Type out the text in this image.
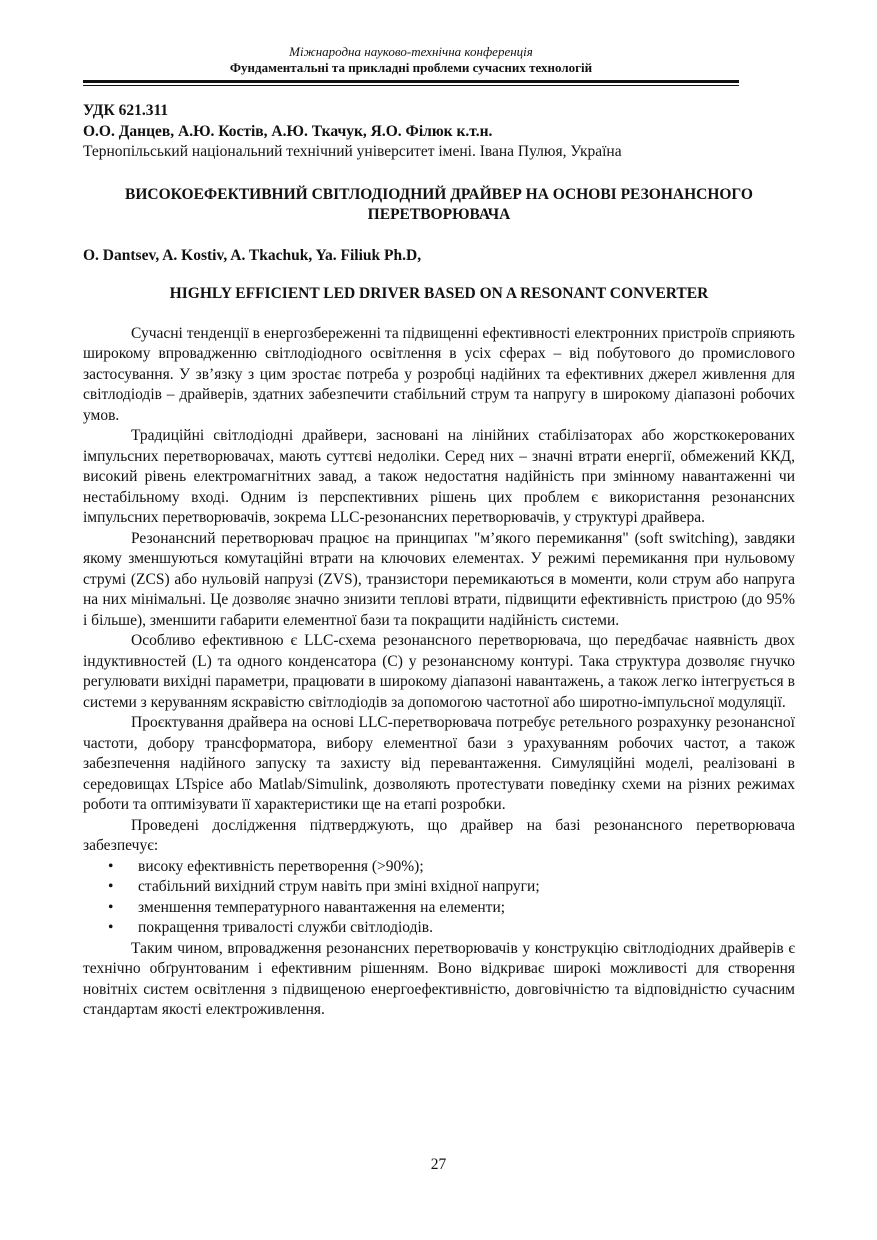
Міжнародна науково-технічна конференція
Фундаментальні та прикладні проблеми сучасних технологій
УДК 621.311
О.О. Данцев, А.Ю. Костів, А.Ю. Ткачук, Я.О. Філюк к.т.н.
Тернопільський національний технічний університет імені. Івана Пулюя, Україна
ВИСОКОЕФЕКТИВНИЙ СВІТЛОДІОДНИЙ ДРАЙВЕР НА ОСНОВІ РЕЗОНАНСНОГО ПЕРЕТВОРЮВАЧА
O. Dantsev, A. Kostiv, A. Tkachuk, Ya. Filiuk Ph.D,
HIGHLY EFFICIENT LED DRIVER BASED ON A RESONANT CONVERTER

Сучасні тенденції в енергозбереженні та підвищенні ефективності електронних пристроїв сприяють широкому впровадженню світлодіодного освітлення в усіх сферах – від побутового до промислового застосування. У зв’язку з цим зростає потреба у розробці надійних та ефективних джерел живлення для світлодіодів – драйверів, здатних забезпечити стабільний струм та напругу в широкому діапазоні робочих умов.

Традиційні світлодіодні драйвери, засновані на лінійних стабілізаторах або жорсткокерованих імпульсних перетворювачах, мають суттєві недоліки. Серед них – значні втрати енергії, обмежений ККД, високий рівень електромагнітних завад, а також недостатня надійність при змінному навантаженні чи нестабільному вході. Одним із перспективних рішень цих проблем є використання резонансних імпульсних перетворювачів, зокрема LLC-резонансних перетворювачів, у структурі драйвера.

Резонансний перетворювач працює на принципах "м’якого перемикання" (soft switching), завдяки якому зменшуються комутаційні втрати на ключових елементах. У режимі перемикання при нульовому струмі (ZCS) або нульовій напрузі (ZVS), транзистори перемикаються в моменти, коли струм або напруга на них мінімальні. Це дозволяє значно знизити теплові втрати, підвищити ефективність пристрою (до 95% і більше), зменшити габарити елементної бази та покращити надійність системи.

Особливо ефективною є LLC-схема резонансного перетворювача, що передбачає наявність двох індуктивностей (L) та одного конденсатора (C) у резонансному контурі. Така структура дозволяє гнучко регулювати вихідні параметри, працювати в широкому діапазоні навантажень, а також легко інтегрується в системи з керуванням яскравістю світлодіодів за допомогою частотної або широтно-імпульсної модуляції.

Проєктування драйвера на основі LLC-перетворювача потребує ретельного розрахунку резонансної частоти, добору трансформатора, вибору елементної бази з урахуванням робочих частот, а також забезпечення надійного запуску та захисту від перевантаження. Симуляційні моделі, реалізовані в середовищах LTspice або Matlab/Simulink, дозволяють протестувати поведінку схеми на різних режимах роботи та оптимізувати її характеристики ще на етапі розробки.

Проведені дослідження підтверджують, що драйвер на базі резонансного перетворювача забезпечує:

• високу ефективність перетворення (>90%);
• стабільний вихідний струм навіть при зміні вхідної напруги;
• зменшення температурного навантаження на елементи;
• покращення тривалості служби світлодіодів.

Таким чином, впровадження резонансних перетворювачів у конструкцію світлодіодних драйверів є технічно обґрунтованим і ефективним рішенням. Воно відкриває широкі можливості для створення новітніх систем освітлення з підвищеною енергоефективністю, довговічністю та відповідністю сучасним стандартам якості електроживлення.

27
